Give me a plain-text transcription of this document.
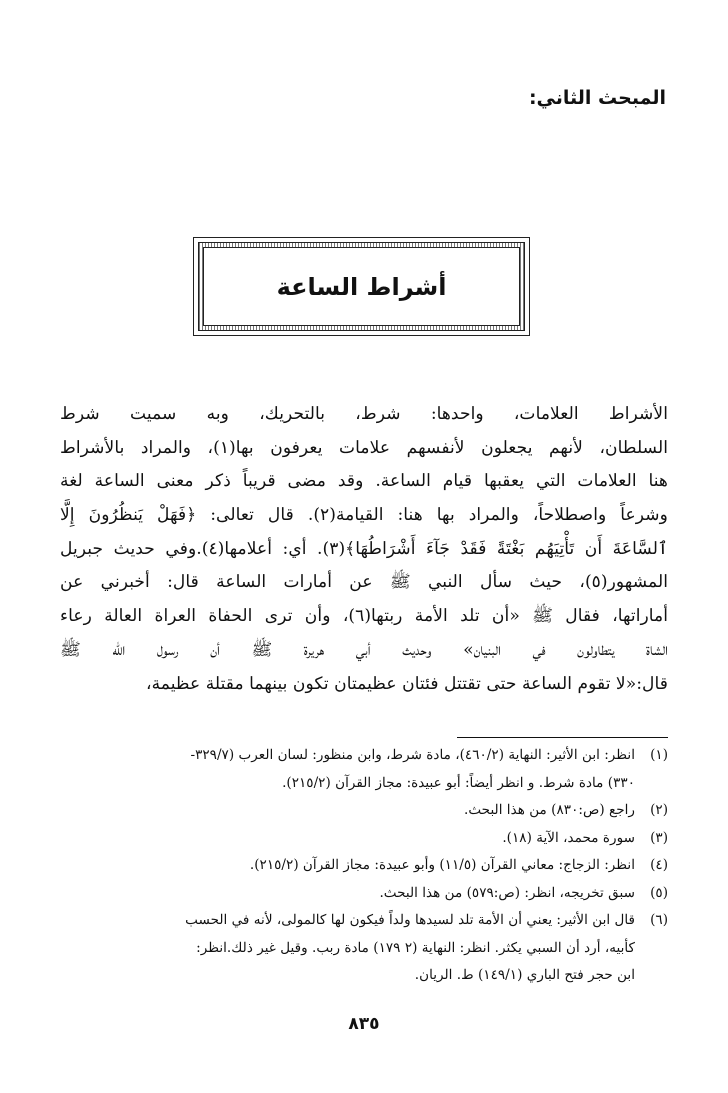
المبحث الثاني:
أشراط الساعة
الأشراط العلامات، واحدها: شرط، بالتحريك، وبه سميت شرط
السلطان، لأنهم يجعلون لأنفسهم علامات يعرفون بها(١)، والمراد بالأشراط
هنا العلامات التي يعقبها قيام الساعة. وقد مضى قريباً ذكر معنى الساعة لغة
وشرعاً واصطلاحاً، والمراد بها هنا: القيامة(٢). قال تعالى: ﴿فَهَلْ يَنظُرُونَ إِلَّا
ٱلسَّاعَةَ أَن تَأْتِيَهُم بَغْتَةً فَقَدْ جَآءَ أَشْرَاطُهَا﴾(٣). أي: أعلامها(٤).وفي حديث جبريل
المشهور(٥)، حيث سأل النبي ﷺ عن أمارات الساعة قال: أخبرني عن
أماراتها، فقال ﷺ «أن تلد الأمة ربتها(٦)، وأن ترى الحفاة العراة العالة رعاء
الشاة يتطاولون في البنيان» وحديث أبي هريرة ﷺ أن رسول الله ﷺ
قال:«لا تقوم الساعة حتى تقتتل فئتان عظيمتان تكون بينهما مقتلة عظيمة،
(١)
انظر: ابن الأثير: النهاية (٤٦٠/٢)، مادة شرط، وابن منظور: لسان العرب (٣٢٩/٧-
٣٣٠) مادة شرط. و انظر أيضاً: أبو عبيدة: مجاز القرآن (٢١٥/٢).
(٢)
راجع (ص:٨٣٠) من هذا البحث.
(٣)
سورة محمد، الآية (١٨).
(٤)
انظر: الزجاج: معاني القرآن (١١/٥) وأبو عبيدة: مجاز القرآن (٢١٥/٢).
(٥)
سبق تخريجه، انظر: (ص:٥٧٩) من هذا البحث.
(٦)
قال ابن الأثير: يعني أن الأمة تلد لسيدها ولداً فيكون لها كالمولى، لأنه في الحسب
كأبيه، أرد أن السبي يكثر. انظر: النهاية (٢ ١٧٩) مادة ربب. وقيل غير ذلك.انظر:
ابن حجر فتح الباري (١٤٩/١) ط. الريان.
٨٣٥
